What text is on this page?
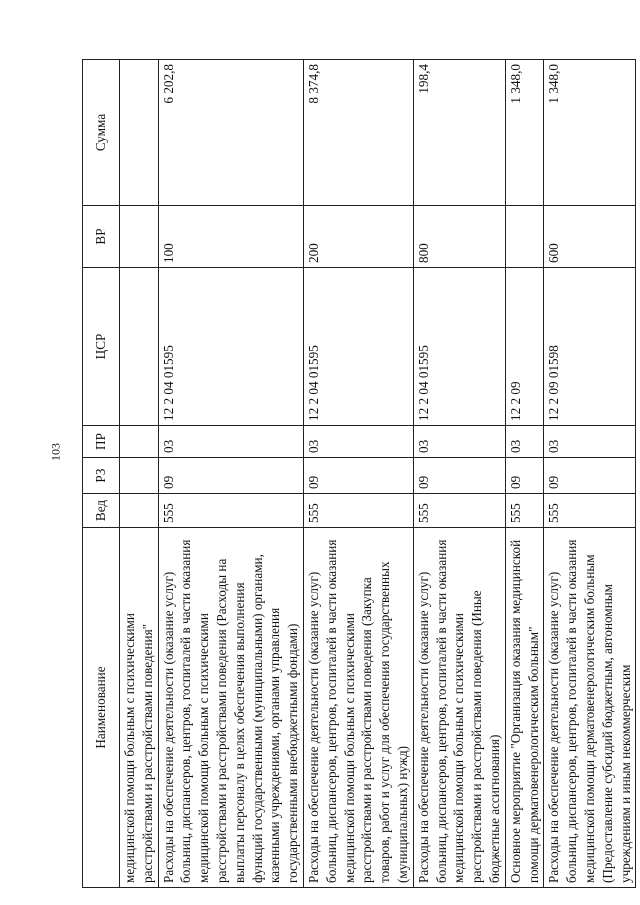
103
Наименование	Вед	РЗ	ПР	ЦСР	ВР	Сумма
медицинской помощи больным с психическими расстройствами и расстройствами поведения"						
Расходы на обеспечение деятельности (оказание услуг) больниц, диспансеров, центров, госпиталей в части оказания медицинской помощи больным с психическими расстройствами и расстройствами поведения (Расходы на выплаты персоналу в целях обеспечения выполнения функций государственными (муниципальными) органами, казенными учреждениями, органами управления государственными внебюджетными фондами)	555	09	03	12 2 04 01595	100	6 202,8
Расходы на обеспечение деятельности (оказание услуг) больниц, диспансеров, центров, госпиталей в части оказания медицинской помощи больным с психическими расстройствами и расстройствами поведения (Закупка товаров, работ и услуг для обеспечения государственных (муниципальных) нужд)	555	09	03	12 2 04 01595	200	8 374,8
Расходы на обеспечение деятельности (оказание услуг) больниц, диспансеров, центров, госпиталей в части оказания медицинской помощи больным с психическими расстройствами и расстройствами поведения (Иные бюджетные ассигнования)	555	09	03	12 2 04 01595	800	198,4
Основное мероприятие "Организация оказания медицинской помощи дерматовенерологическим больным"	555	09	03	12 2 09		1 348,0
Расходы на обеспечение деятельности (оказание услуг) больниц, диспансеров, центров, госпиталей в части оказания медицинской помощи дерматовенерологическим больным (Предоставление субсидий бюджетным, автономным учреждениям и иным некоммерческим	555	09	03	12 2 09 01598	600	1 348,0
